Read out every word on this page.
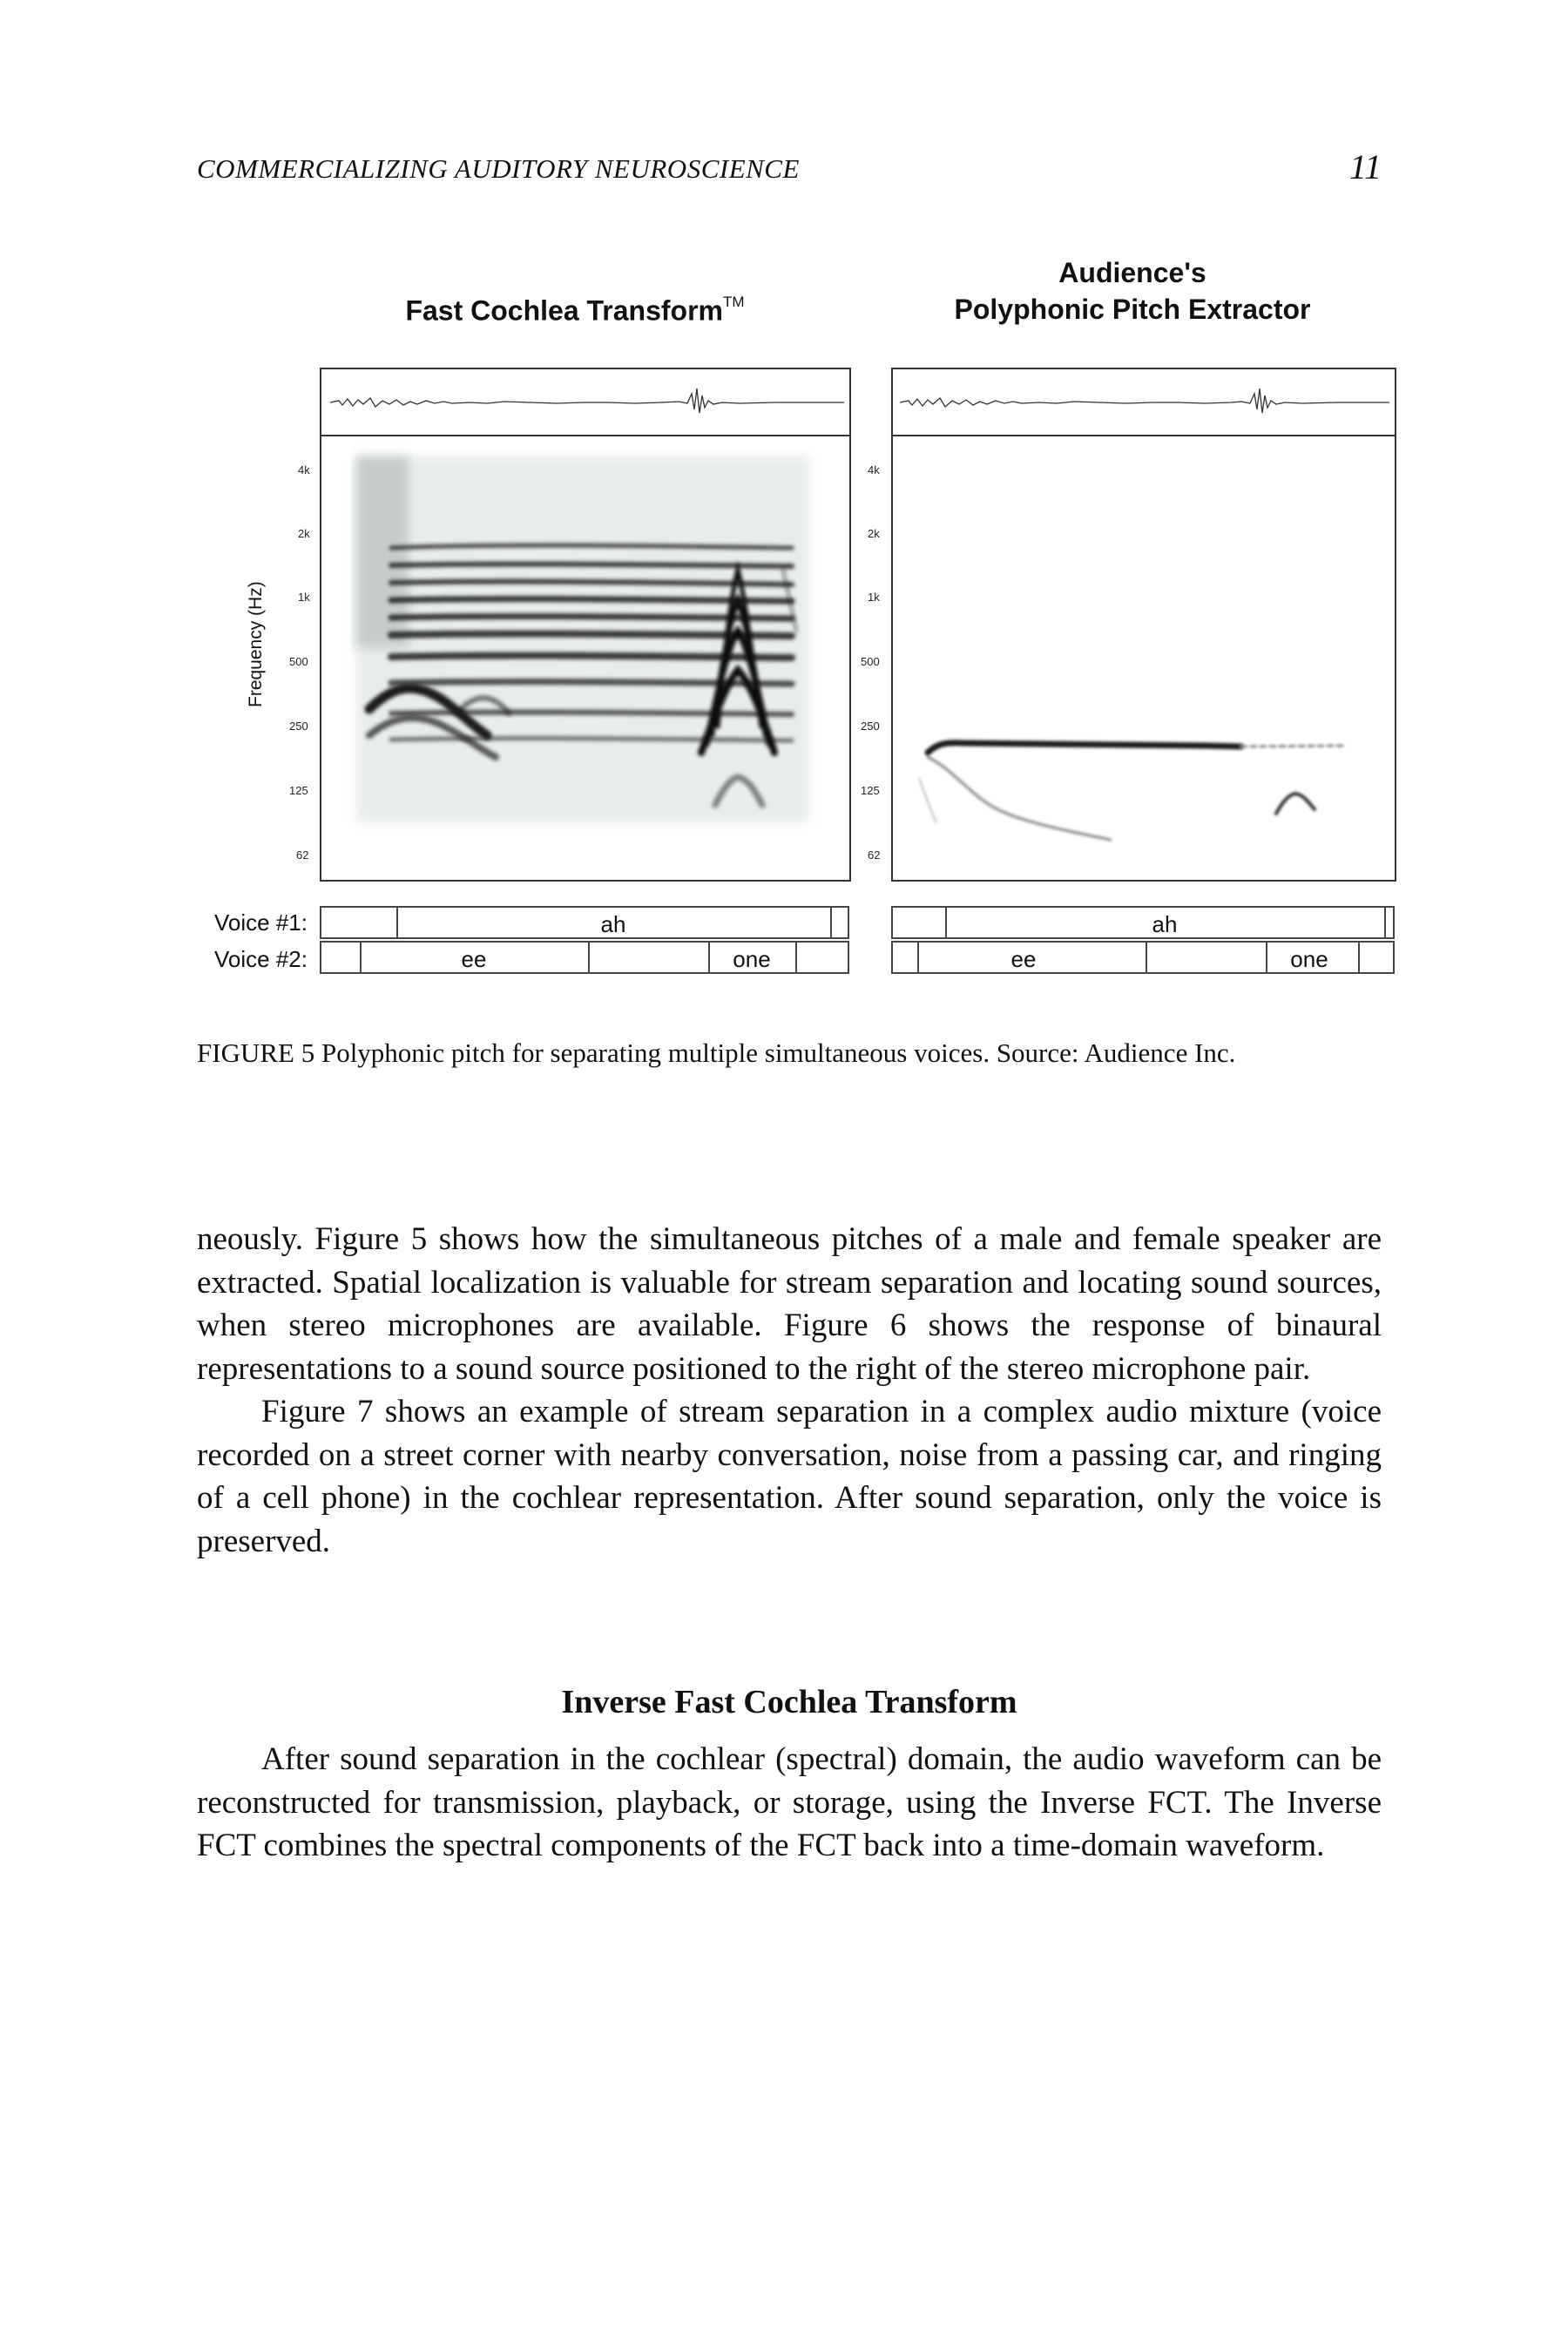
COMMERCIALIZING AUDITORY NEUROSCIENCE	11
Fast Cochlea Transform™
Audience's
Polyphonic Pitch Extractor
Frequency (Hz)
4k
2k
1k
500
250
125
62
4k
2k
1k
500
250
125
62
Voice #1:
Voice #2:
ah
ee	one
ah
ee	one
FIGURE 5 Polyphonic pitch for separating multiple simultaneous voices. Source: Audience Inc.

neously. Figure 5 shows how the simultaneous pitches of a male and female speaker are extracted. Spatial localization is valuable for stream separation and locating sound sources, when stereo microphones are available. Figure 6 shows the response of binaural representations to a sound source positioned to the right of the stereo microphone pair.

Figure 7 shows an example of stream separation in a complex audio mixture (voice recorded on a street corner with nearby conversation, noise from a passing car, and ringing of a cell phone) in the cochlear representation. After sound separation, only the voice is preserved.

Inverse Fast Cochlea Transform

After sound separation in the cochlear (spectral) domain, the audio waveform can be reconstructed for transmission, playback, or storage, using the Inverse FCT. The Inverse FCT combines the spectral components of the FCT back into a time-domain waveform.
